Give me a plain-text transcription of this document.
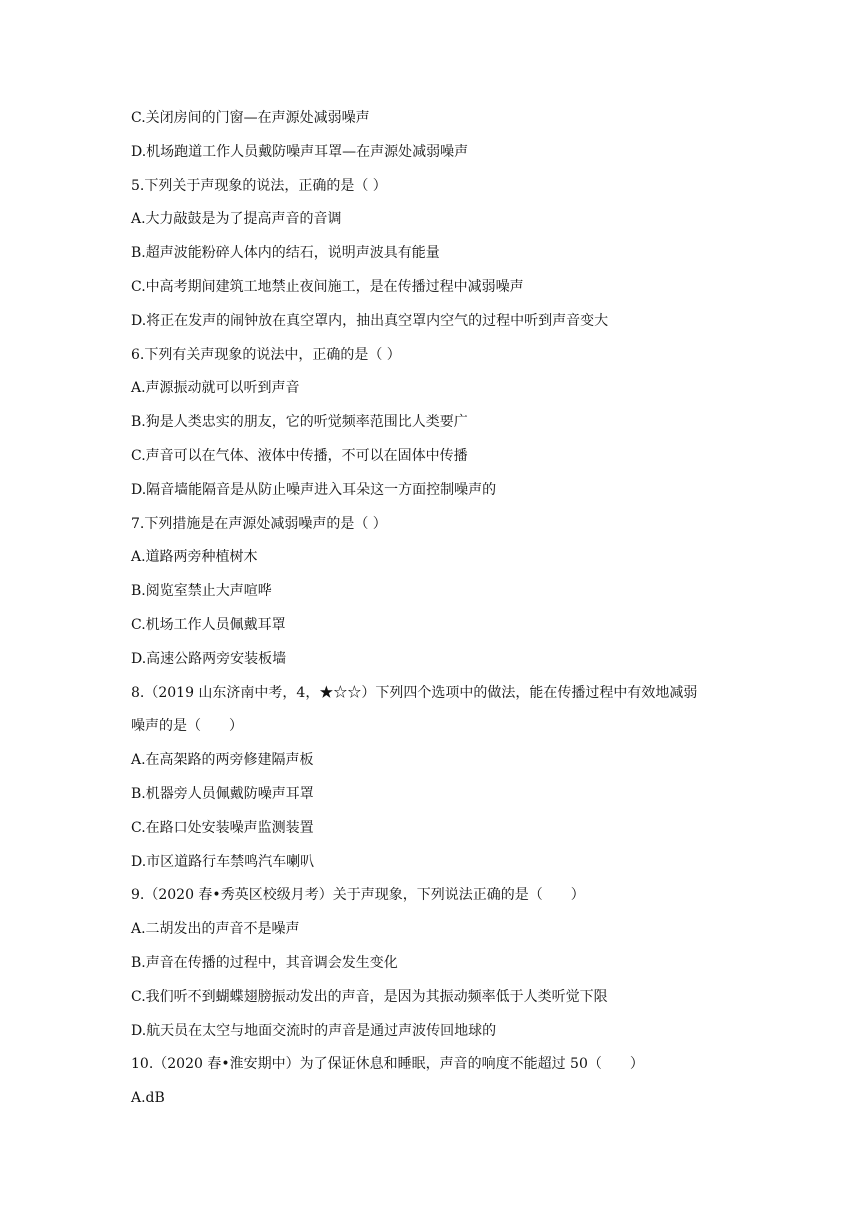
C.关闭房间的门窗—在声源处减弱噪声
D.机场跑道工作人员戴防噪声耳罩—在声源处减弱噪声
5.下列关于声现象的说法，正确的是（ ）
A.大力敲鼓是为了提高声音的音调
B.超声波能粉碎人体内的结石，说明声波具有能量
C.中高考期间建筑工地禁止夜间施工，是在传播过程中减弱噪声
D.将正在发声的闹钟放在真空罩内，抽出真空罩内空气的过程中听到声音变大
6.下列有关声现象的说法中，正确的是（ ）
A.声源振动就可以听到声音
B.狗是人类忠实的朋友，它的听觉频率范围比人类要广
C.声音可以在气体、液体中传播，不可以在固体中传播
D.隔音墙能隔音是从防止噪声进入耳朵这一方面控制噪声的
7.下列措施是在声源处减弱噪声的是（ ）
A.道路两旁种植树木
B.阅览室禁止大声喧哗
C.机场工作人员佩戴耳罩
D.高速公路两旁安装板墙
8.（2019 山东济南中考，4，★☆☆）下列四个选项中的做法，能在传播过程中有效地减弱
噪声的是（　　）
A.在高架路的两旁修建隔声板
B.机器旁人员佩戴防噪声耳罩
C.在路口处安装噪声监测装置
D.市区道路行车禁鸣汽车喇叭
9.（2020 春•秀英区校级月考）关于声现象，下列说法正确的是（　　）
A.二胡发出的声音不是噪声
B.声音在传播的过程中，其音调会发生变化
C.我们听不到蝴蝶翅膀振动发出的声音，是因为其振动频率低于人类听觉下限
D.航天员在太空与地面交流时的声音是通过声波传回地球的
10.（2020 春•淮安期中）为了保证休息和睡眠，声音的响度不能超过 50（　　）
A.dB
